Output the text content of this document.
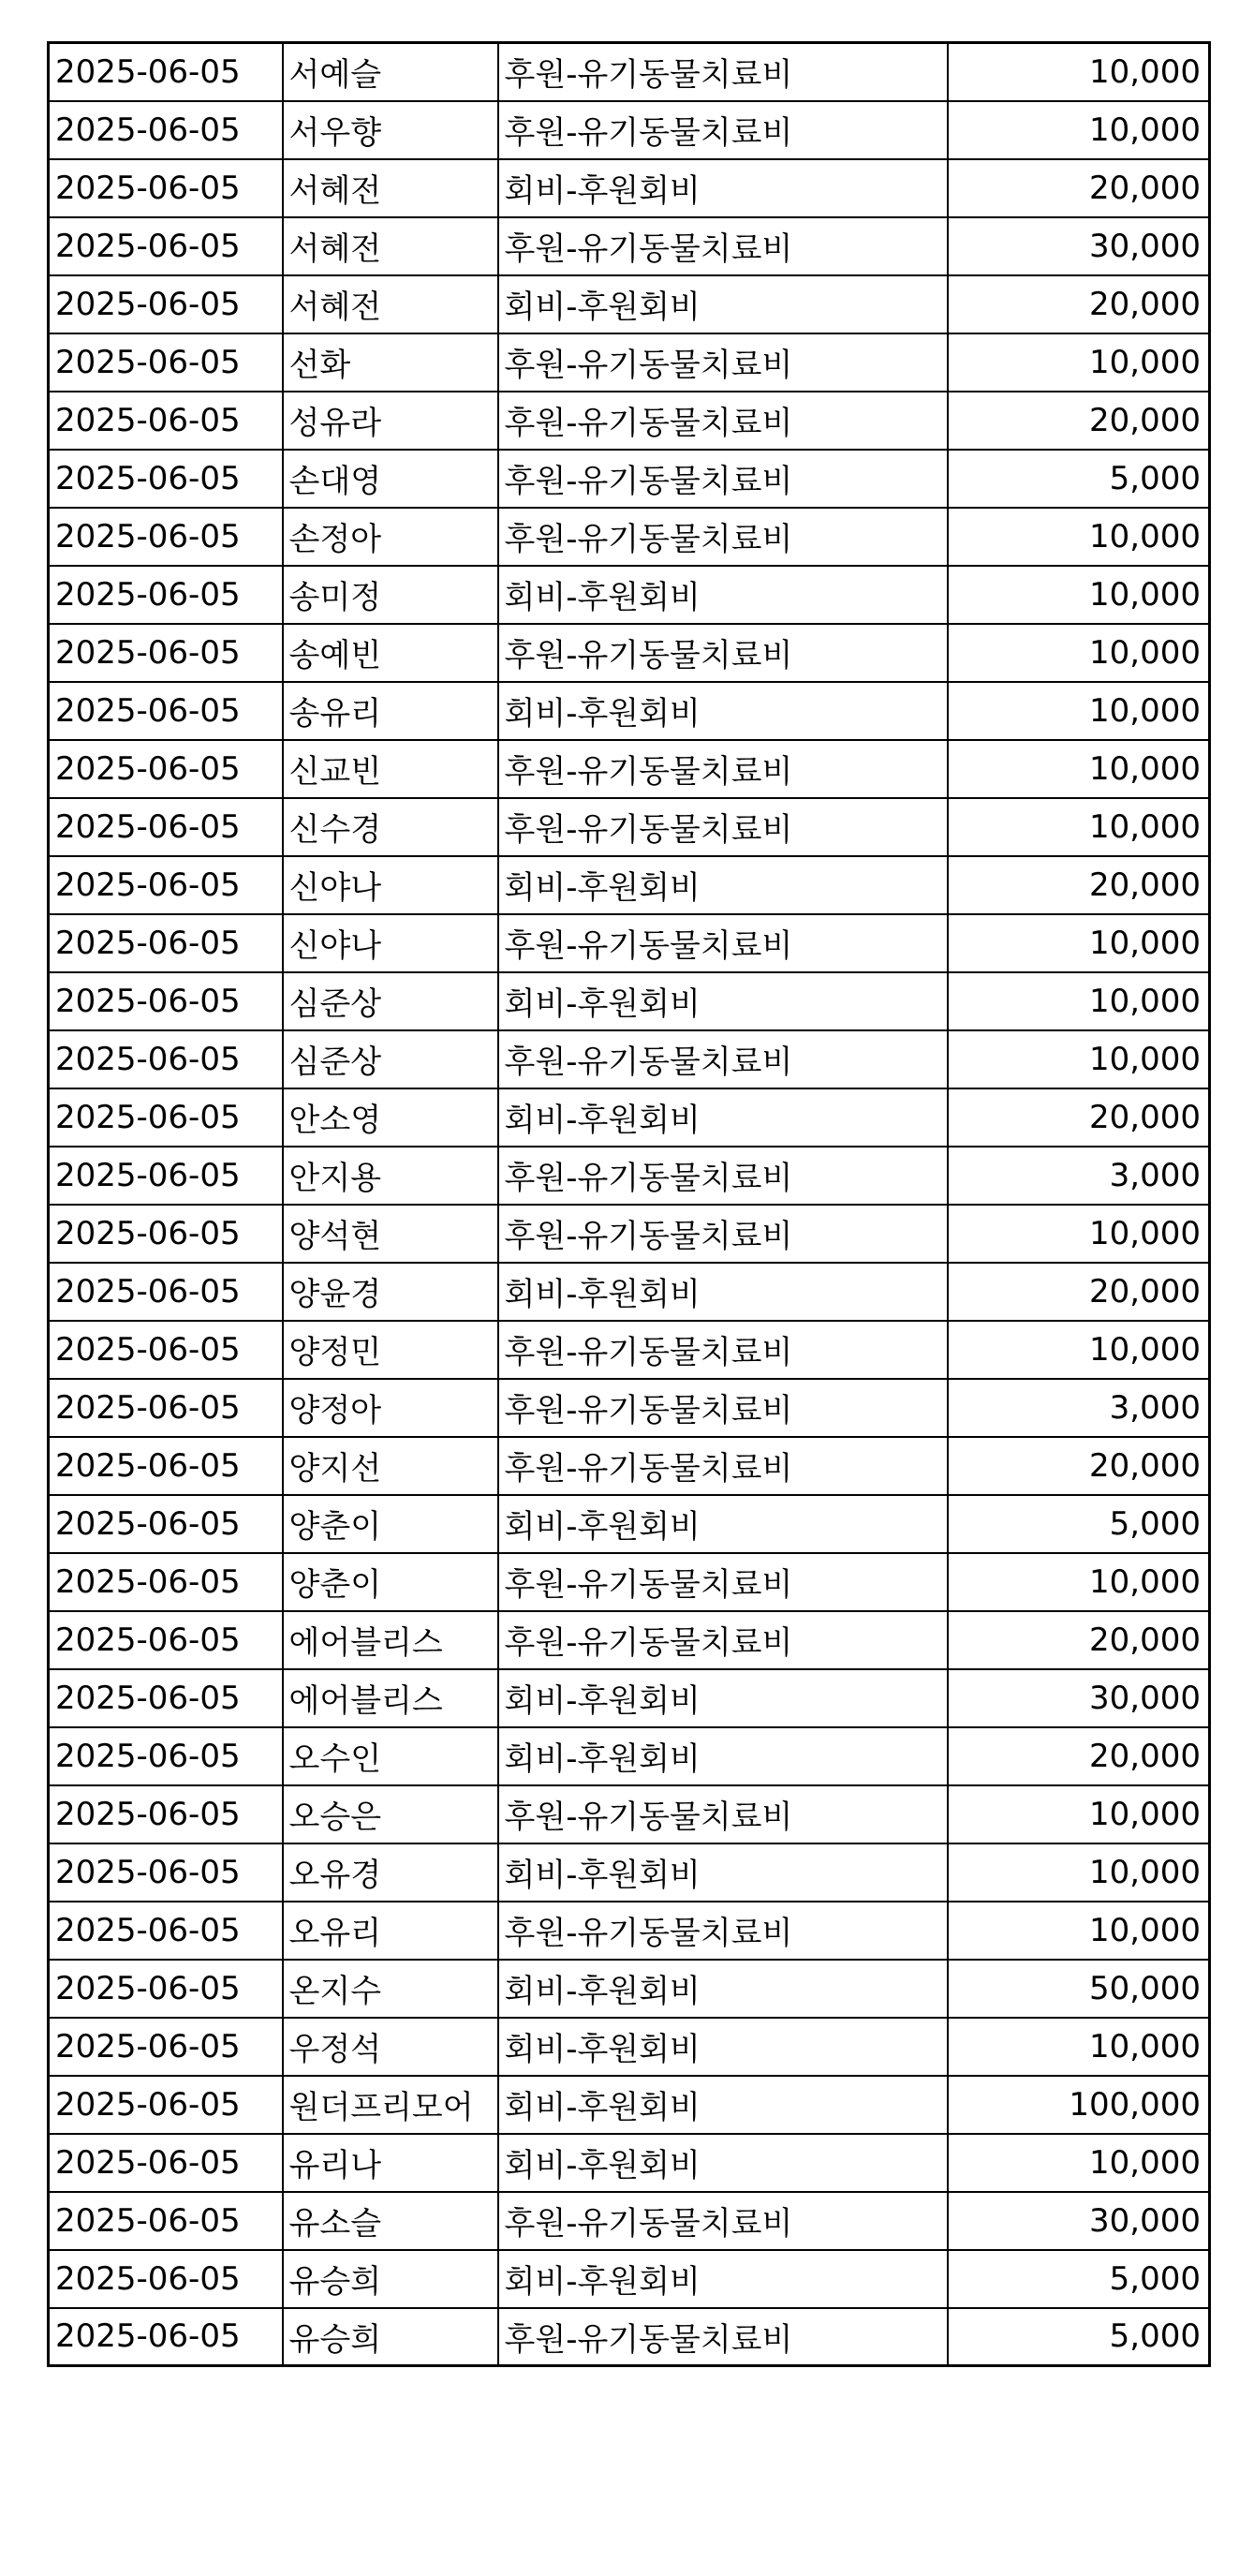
2025-06-05	서예슬	후원-유기동물치료비	10,000
2025-06-05	서우향	후원-유기동물치료비	10,000
2025-06-05	서혜전	회비-후원회비	20,000
2025-06-05	서혜전	후원-유기동물치료비	30,000
2025-06-05	서혜전	회비-후원회비	20,000
2025-06-05	선화	후원-유기동물치료비	10,000
2025-06-05	성유라	후원-유기동물치료비	20,000
2025-06-05	손대영	후원-유기동물치료비	5,000
2025-06-05	손정아	후원-유기동물치료비	10,000
2025-06-05	송미정	회비-후원회비	10,000
2025-06-05	송예빈	후원-유기동물치료비	10,000
2025-06-05	송유리	회비-후원회비	10,000
2025-06-05	신교빈	후원-유기동물치료비	10,000
2025-06-05	신수경	후원-유기동물치료비	10,000
2025-06-05	신야나	회비-후원회비	20,000
2025-06-05	신야나	후원-유기동물치료비	10,000
2025-06-05	심준상	회비-후원회비	10,000
2025-06-05	심준상	후원-유기동물치료비	10,000
2025-06-05	안소영	회비-후원회비	20,000
2025-06-05	안지용	후원-유기동물치료비	3,000
2025-06-05	양석현	후원-유기동물치료비	10,000
2025-06-05	양윤경	회비-후원회비	20,000
2025-06-05	양정민	후원-유기동물치료비	10,000
2025-06-05	양정아	후원-유기동물치료비	3,000
2025-06-05	양지선	후원-유기동물치료비	20,000
2025-06-05	양춘이	회비-후원회비	5,000
2025-06-05	양춘이	후원-유기동물치료비	10,000
2025-06-05	에어블리스	후원-유기동물치료비	20,000
2025-06-05	에어블리스	회비-후원회비	30,000
2025-06-05	오수인	회비-후원회비	20,000
2025-06-05	오승은	후원-유기동물치료비	10,000
2025-06-05	오유경	회비-후원회비	10,000
2025-06-05	오유리	후원-유기동물치료비	10,000
2025-06-05	온지수	회비-후원회비	50,000
2025-06-05	우정석	회비-후원회비	10,000
2025-06-05	원더프리모어	회비-후원회비	100,000
2025-06-05	유리나	회비-후원회비	10,000
2025-06-05	유소슬	후원-유기동물치료비	30,000
2025-06-05	유승희	회비-후원회비	5,000
2025-06-05	유승희	후원-유기동물치료비	5,000
